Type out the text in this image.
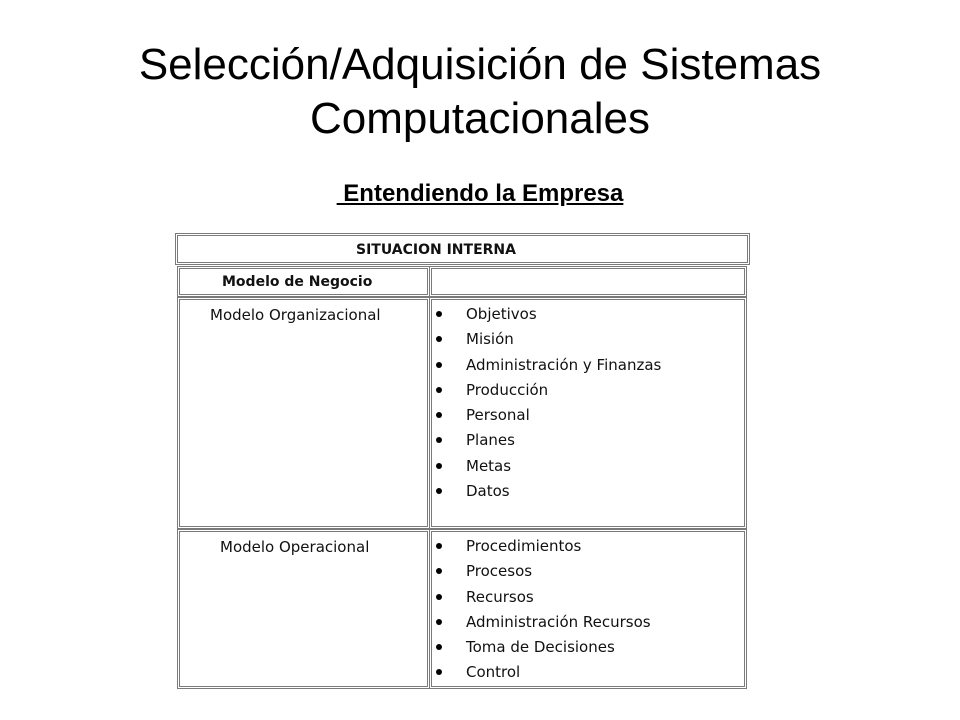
Selección/Adquisición de Sistemas
Computacionales
Entendiendo la Empresa
SITUACION INTERNA
Modelo de Negocio
Modelo Organizacional	Objetivos
Misión
Administración y Finanzas
Producción
Personal
Planes
Metas
Datos
Modelo Operacional	Procedimientos
Procesos
Recursos
Administración Recursos
Toma de Decisiones
Control
